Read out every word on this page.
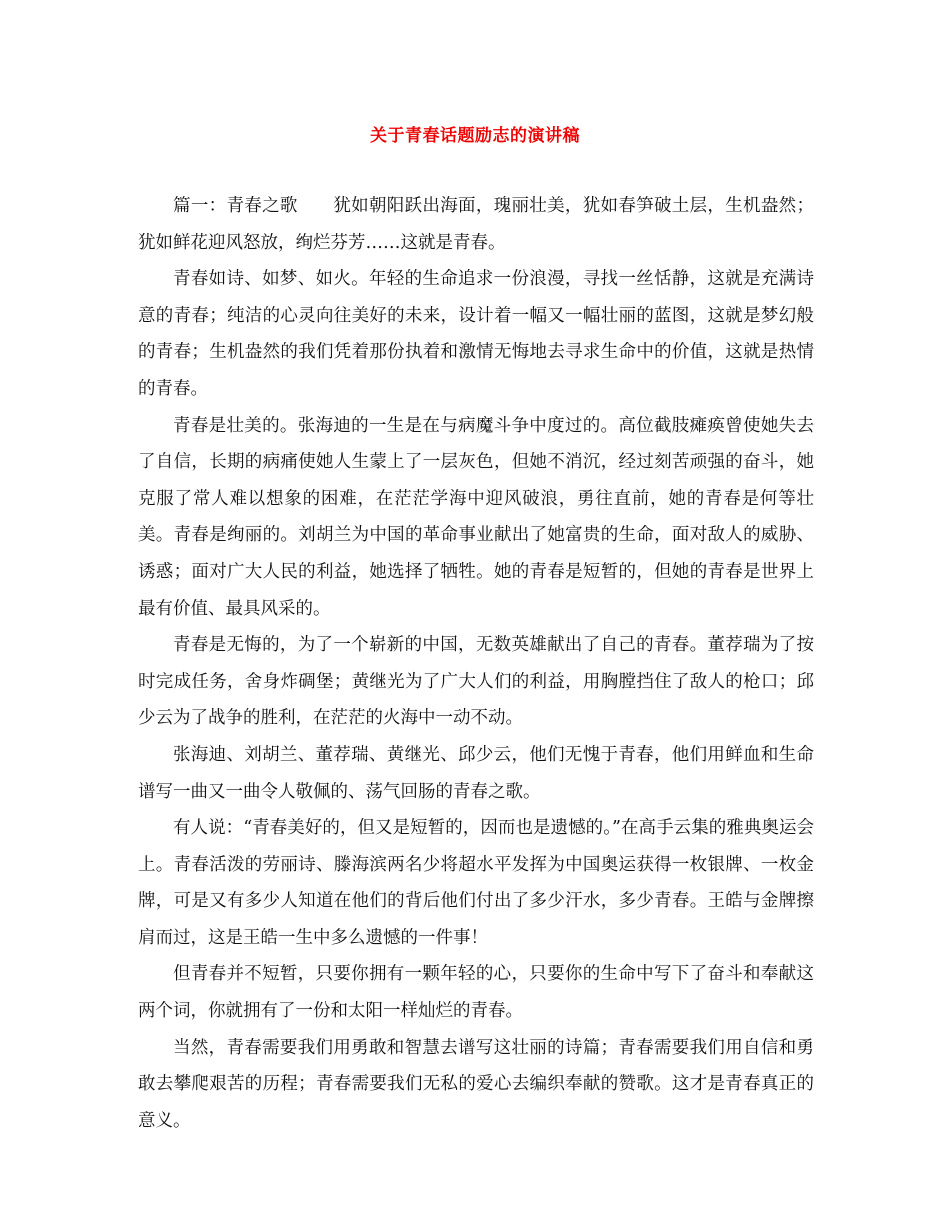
关于青春话题励志的演讲稿

篇一：青春之歌　　犹如朝阳跃出海面，瑰丽壮美，犹如春笋破土层，生机盎然；犹如鲜花迎风怒放，绚烂芬芳……这就是青春。

青春如诗、如梦、如火。年轻的生命追求一份浪漫，寻找一丝恬静，这就是充满诗意的青春；纯洁的心灵向往美好的未来，设计着一幅又一幅壮丽的蓝图，这就是梦幻般的青春；生机盎然的我们凭着那份执着和激情无悔地去寻求生命中的价值，这就是热情的青春。

青春是壮美的。张海迪的一生是在与病魔斗争中度过的。高位截肢瘫痪曾使她失去了自信，长期的病痛使她人生蒙上了一层灰色，但她不消沉，经过刻苦顽强的奋斗，她克服了常人难以想象的困难，在茫茫学海中迎风破浪，勇往直前，她的青春是何等壮美。青春是绚丽的。刘胡兰为中国的革命事业献出了她富贵的生命，面对敌人的威胁、诱惑；面对广大人民的利益，她选择了牺牲。她的青春是短暂的，但她的青春是世界上最有价值、最具风采的。

青春是无悔的，为了一个崭新的中国，无数英雄献出了自己的青春。董荐瑞为了按时完成任务，舍身炸碉堡；黄继光为了广大人们的利益，用胸膛挡住了敌人的枪口；邱少云为了战争的胜利，在茫茫的火海中一动不动。

张海迪、刘胡兰、董荐瑞、黄继光、邱少云，他们无愧于青春，他们用鲜血和生命谱写一曲又一曲令人敬佩的、荡气回肠的青春之歌。

有人说：“青春美好的，但又是短暂的，因而也是遗憾的。”在高手云集的雅典奥运会上。青春活泼的劳丽诗、滕海滨两名少将超水平发挥为中国奥运获得一枚银牌、一枚金牌，可是又有多少人知道在他们的背后他们付出了多少汗水，多少青春。王皓与金牌擦肩而过，这是王皓一生中多么遗憾的一件事！

但青春并不短暂，只要你拥有一颗年轻的心，只要你的生命中写下了奋斗和奉献这两个词，你就拥有了一份和太阳一样灿烂的青春。

当然，青春需要我们用勇敢和智慧去谱写这壮丽的诗篇；青春需要我们用自信和勇敢去攀爬艰苦的历程；青春需要我们无私的爱心去编织奉献的赞歌。这才是青春真正的意义。
